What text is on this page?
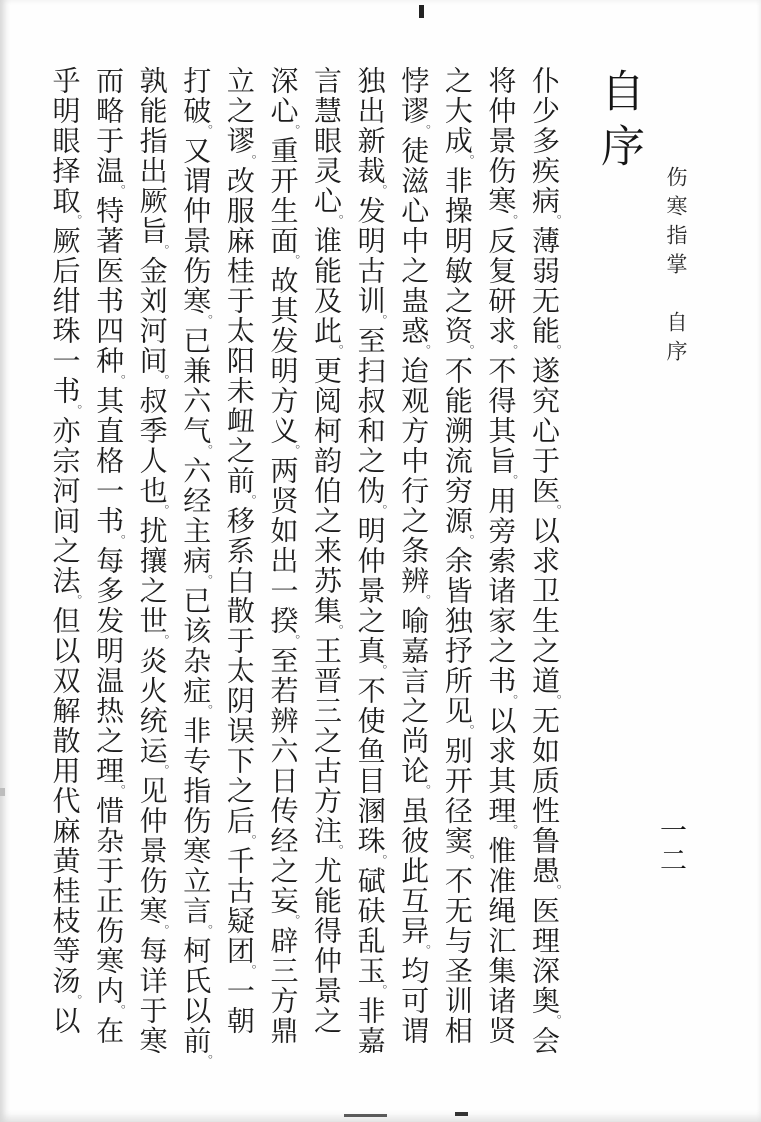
自序
伤寒指掌　自序
一二
仆少多疾病。薄弱无能。遂究心于医。以求卫生之道。无如质性鲁愚。医理深奥。会
将仲景伤寒。反复研求。不得其旨。用旁索诸家之书。以求其理。惟准绳汇集诸贤
之大成。非操明敏之资。不能溯流穷源。余皆独抒所见。别开径窦。不无与圣训相
悖谬。徒滋心中之蛊惑。迨观方中行之条辨。喻嘉言之尚论。虽彼此互异。均可谓
独出新裁。发明古训。至扫叔和之伪。明仲景之真。不使鱼目溷珠。碔砆乱玉。非嘉
言慧眼灵心。谁能及此。更阅柯韵伯之来苏集。王晋三之古方注。尤能得仲景之
深心。重开生面。故其发明方义。两贤如出一揆。至若辨六日传经之妄。辟三方鼎
立之谬。改服麻桂于太阳未衄之前。移系白散于太阴误下之后。千古疑团。一朝
打破。又谓仲景伤寒。已兼六气。六经主病。已该杂症。非专指伤寒立言。柯氏以前。
孰能指出厥旨。金刘河间。叔季人也。扰攘之世。炎火统运。见仲景伤寒。每详于寒
而略于温。特著医书四种。其直格一书。每多发明温热之理。惜杂于正伤寒内。在
乎明眼择取。厥后绀珠一书。亦宗河间之法。但以双解散用代麻黄桂枝等汤。以
